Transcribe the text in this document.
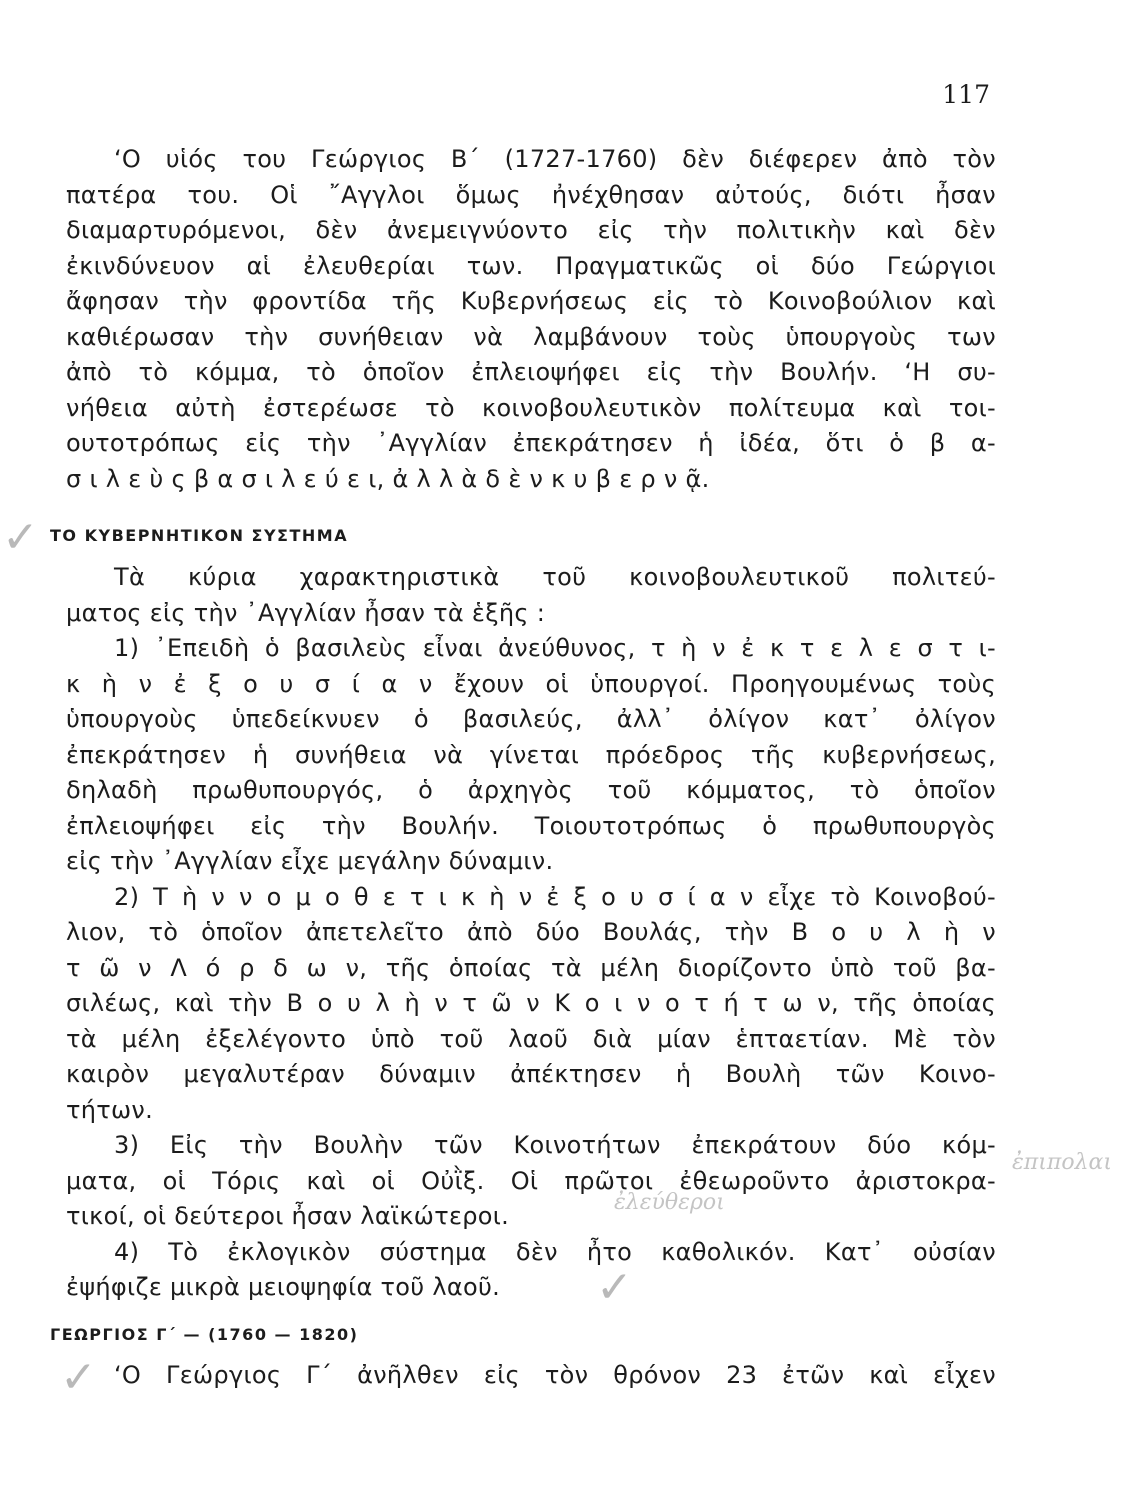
117
‘Ο υἱός του Γεώργιος Β΄ (1727-1760) δὲν διέφερεν ἀπὸ τὸν
πατέρα του. Οἱ ῎Αγγλοι ὅμως ἠνέχθησαν αὐτούς, διότι ἦσαν
διαμαρτυρόμενοι, δὲν ἀνεμειγνύοντο εἰς τὴν πολιτικὴν καὶ δὲν
ἐκινδύνευον αἱ ἐλευθερίαι των. Πραγματικῶς οἱ δύο Γεώργιοι
ἄφησαν τὴν φροντίδα τῆς Κυβερνήσεως εἰς τὸ Κοινοβούλιον καὶ
καθιέρωσαν τὴν συνήθειαν νὰ λαμβάνουν τοὺς ὑπουργοὺς των
ἀπὸ τὸ κόμμα, τὸ ὁποῖον ἐπλειοψήφει εἰς τὴν Βουλήν. ‘Η συ-
νήθεια αὐτὴ ἐστερέωσε τὸ κοινοβουλευτικὸν πολίτευμα καὶ τοι-
ουτοτρόπως εἰς τὴν ᾿Αγγλίαν ἐπεκράτησεν ἡ ἰδέα, ὅτι ὁ β α-
σ ι λ ε ὺ ς β α σ ι λ ε ύ ε ι, ἀ λ λ ὰ δ ὲ ν κ υ β ε ρ ν ᾷ.
ΤΟ ΚΥΒΕΡΝΗΤΙΚΟΝ ΣΥΣΤΗΜΑ
Τὰ κύρια χαρακτηριστικὰ τοῦ κοινοβουλευτικοῦ πολιτεύ-
ματος εἰς τὴν ᾿Αγγλίαν ἦσαν τὰ ἑξῆς :
1) ᾿Επειδὴ ὁ βασιλεὺς εἶναι ἀνεύθυνος, τ ὴ ν ἐ κ τ ε λ ε σ τ ι-
κ ὴ ν ἐ ξ ο υ σ ί α ν ἔχουν οἱ ὑπουργοί. Προηγουμένως τοὺς
ὑπουργοὺς ὑπεδείκνυεν ὁ βασιλεύς, ἀλλ᾿ ὀλίγον κατ᾿ ὀλίγον
ἐπεκράτησεν ἡ συνήθεια νὰ γίνεται πρόεδρος τῆς κυβερνήσεως,
δηλαδὴ πρωθυπουργός, ὁ ἀρχηγὸς τοῦ κόμματος, τὸ ὁποῖον
ἐπλειοψήφει εἰς τὴν Βουλήν. Τοιουτοτρόπως ὁ πρωθυπουργὸς
εἰς τὴν ᾿Αγγλίαν εἶχε μεγάλην δύναμιν.
2) Τ ὴ ν ν ο μ ο θ ε τ ι κ ὴ ν ἐ ξ ο υ σ ί α ν εἶχε τὸ Κοινοβού-
λιον, τὸ ὁποῖον ἀπετελεῖτο ἀπὸ δύο Βουλάς, τὴν Β ο υ λ ὴ ν
τ ῶ ν Λ ό ρ δ ω ν, τῆς ὁποίας τὰ μέλη διορίζοντο ὑπὸ τοῦ βα-
σιλέως, καὶ τὴν Β ο υ λ ὴ ν τ ῶ ν Κ ο ι ν ο τ ή τ ω ν, τῆς ὁποίας
τὰ μέλη ἐξελέγοντο ὑπὸ τοῦ λαοῦ διὰ μίαν ἑπταετίαν. Μὲ τὸν
καιρὸν μεγαλυτέραν δύναμιν ἀπέκτησεν ἡ Βουλὴ τῶν Κοινο-
τήτων.
3) Εἰς τὴν Βουλὴν τῶν Κοινοτήτων ἐπεκράτουν δύο κόμ-
ματα, οἱ Τόρις καὶ οἱ Οὐῒξ. Οἱ πρῶτοι ἐθεωροῦντο ἀριστοκρα-
τικοί, οἱ δεύτεροι ἦσαν λαϊκώτεροι.
4) Τὸ ἐκλογικὸν σύστημα δὲν ἦτο καθολικόν. Κατ᾿ οὐσίαν
ἐψήφιζε μικρὰ μειοψηφία τοῦ λαοῦ.
ΓΕΩΡΓΙΟΣ Γ΄ — (1760 — 1820)
‘Ο Γεώργιος Γ΄ ἀνῆλθεν εἰς τὸν θρόνον 23 ἐτῶν καὶ εἶχεν
✓
✓
✓
ἐπιπολαι
ἐλεύθεροι
